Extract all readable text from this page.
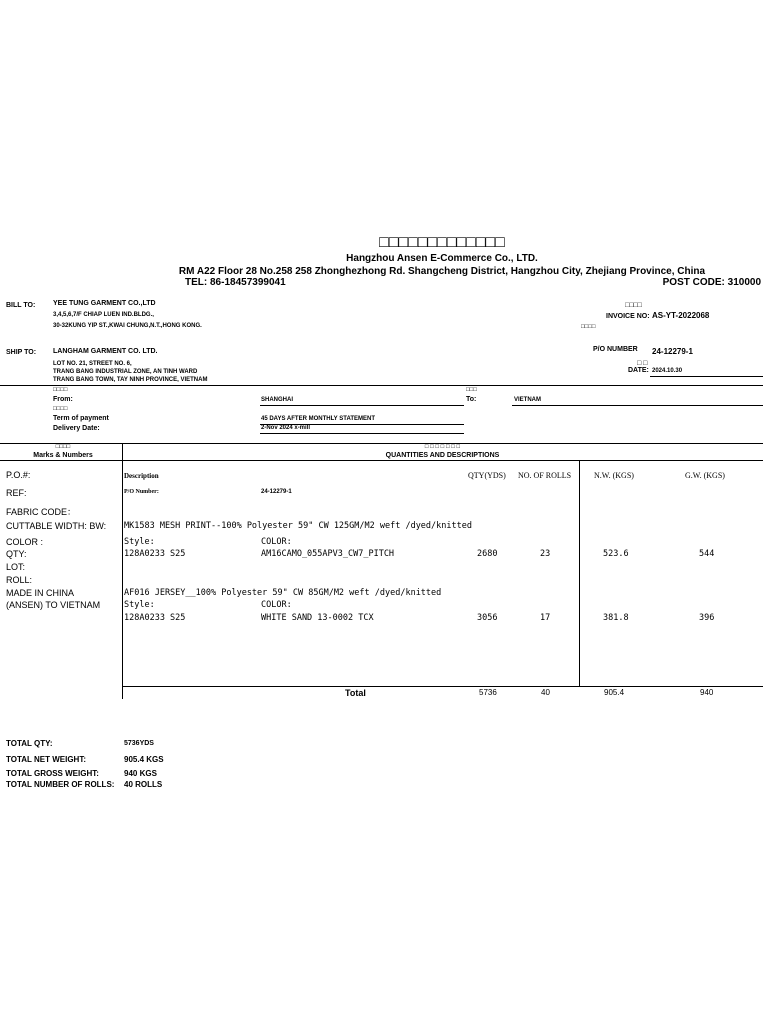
□□□□□□□□□□□□□
Hangzhou Ansen E-Commerce Co., LTD.
RM A22 Floor 28 No.258 258 Zhonghezhong Rd. Shangcheng District, Hangzhou City, Zhejiang Province, China
TEL: 86-18457399041	POST CODE: 310000
BILL TO:	YEE TUNG GARMENT CO.,LTD
3,4,5,6,7/F CHIAP LUEN IND.BLDG.,
30-32KUNG YIP ST.,KWAI CHUNG,N.T.,HONG KONG.
□□□□
INVOICE NO: AS-YT-2022068
□□□□
SHIP TO: LANGHAM GARMENT CO. LTD.
LOT NO. 21, STREET NO. 6,
TRANG BANG INDUSTRIAL ZONE, AN TINH WARD
TRANG BANG TOWN, TAY NINH PROVINCE, VIETNAM
P/O NUMBER 24-12279-1
□ □
DATE: 2024.10.30
□□□□
From:	SHANGHAI
□□□
To:	VIETNAM
□□□□
Term of payment	45 DAYS AFTER MONTHLY STATEMENT
Delivery Date:	2-Nov 2024 x-mill
□□□□
Marks & Numbers
□ □ □ □ □ □ □
QUANTITIES AND DESCRIPTIONS
Description	QTY(YDS) NO. OF ROLLS	N.W. (KGS)	G.W. (KGS)
P/O Number:	24-12279-1
P.O.#:
REF:
FABRIC CODE：
CUTTABLE WIDTH: BW:
COLOR :
QTY:
LOT:
ROLL:
MADE IN CHINA
(ANSEN) TO VIETNAM
MK1583 MESH PRINT--100% Polyester 59" CW 125GM/M2 weft /dyed/knitted
Style:	COLOR:
128A0233 S25	AM16CAMO_055APV3_CW7_PITCH	2680	23	523.6	544
AF016 JERSEY__100% Polyester 59" CW 85GM/M2 weft /dyed/knitted
Style:	COLOR:
128A0233 S25	WHITE SAND 13-0002 TCX	3056	17	381.8	396
Total	5736	40	905.4	940
TOTAL QTY:	5736YDS
TOTAL NET WEIGHT:	905.4 KGS
TOTAL GROSS WEIGHT:	940 KGS
TOTAL NUMBER OF ROLLS: 40 ROLLS
